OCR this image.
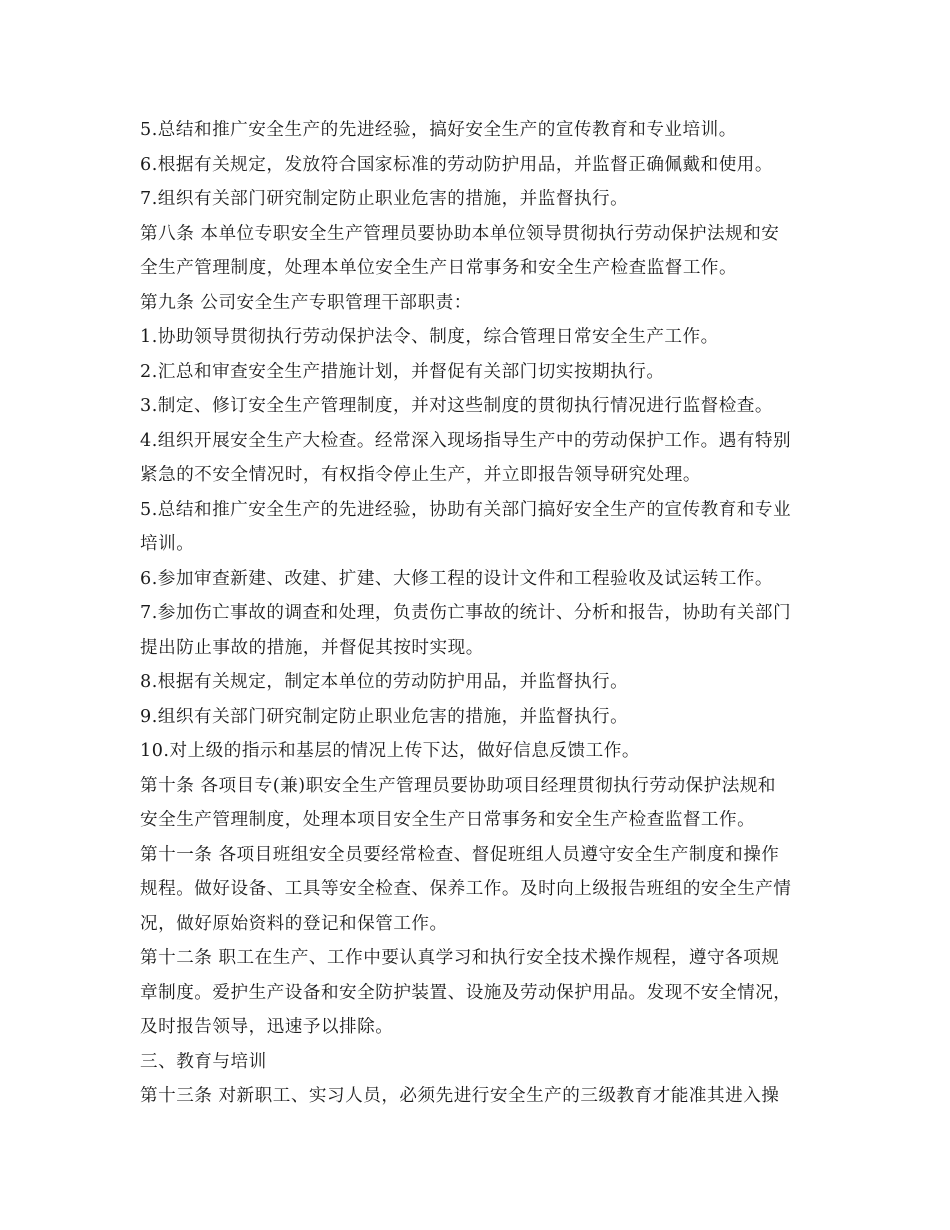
5.总结和推广安全生产的先进经验，搞好安全生产的宣传教育和专业培训。
6.根据有关规定，发放符合国家标准的劳动防护用品，并监督正确佩戴和使用。
7.组织有关部门研究制定防止职业危害的措施，并监督执行。
第八条 本单位专职安全生产管理员要协助本单位领导贯彻执行劳动保护法规和安
全生产管理制度，处理本单位安全生产日常事务和安全生产检查监督工作。
第九条 公司安全生产专职管理干部职责：
1.协助领导贯彻执行劳动保护法令、制度，综合管理日常安全生产工作。
2.汇总和审查安全生产措施计划，并督促有关部门切实按期执行。
3.制定、修订安全生产管理制度，并对这些制度的贯彻执行情况进行监督检查。
4.组织开展安全生产大检查。经常深入现场指导生产中的劳动保护工作。遇有特别
紧急的不安全情况时，有权指令停止生产，并立即报告领导研究处理。
5.总结和推广安全生产的先进经验，协助有关部门搞好安全生产的宣传教育和专业
培训。
6.参加审查新建、改建、扩建、大修工程的设计文件和工程验收及试运转工作。
7.参加伤亡事故的调查和处理，负责伤亡事故的统计、分析和报告，协助有关部门
提出防止事故的措施，并督促其按时实现。
8.根据有关规定，制定本单位的劳动防护用品，并监督执行。
9.组织有关部门研究制定防止职业危害的措施，并监督执行。
10.对上级的指示和基层的情况上传下达，做好信息反馈工作。
第十条 各项目专(兼)职安全生产管理员要协助项目经理贯彻执行劳动保护法规和
安全生产管理制度，处理本项目安全生产日常事务和安全生产检查监督工作。
第十一条 各项目班组安全员要经常检查、督促班组人员遵守安全生产制度和操作
规程。做好设备、工具等安全检查、保养工作。及时向上级报告班组的安全生产情
况，做好原始资料的登记和保管工作。
第十二条 职工在生产、工作中要认真学习和执行安全技术操作规程，遵守各项规
章制度。爱护生产设备和安全防护装置、设施及劳动保护用品。发现不安全情况，
及时报告领导，迅速予以排除。
三、教育与培训
第十三条 对新职工、实习人员，必须先进行安全生产的三级教育才能准其进入操
